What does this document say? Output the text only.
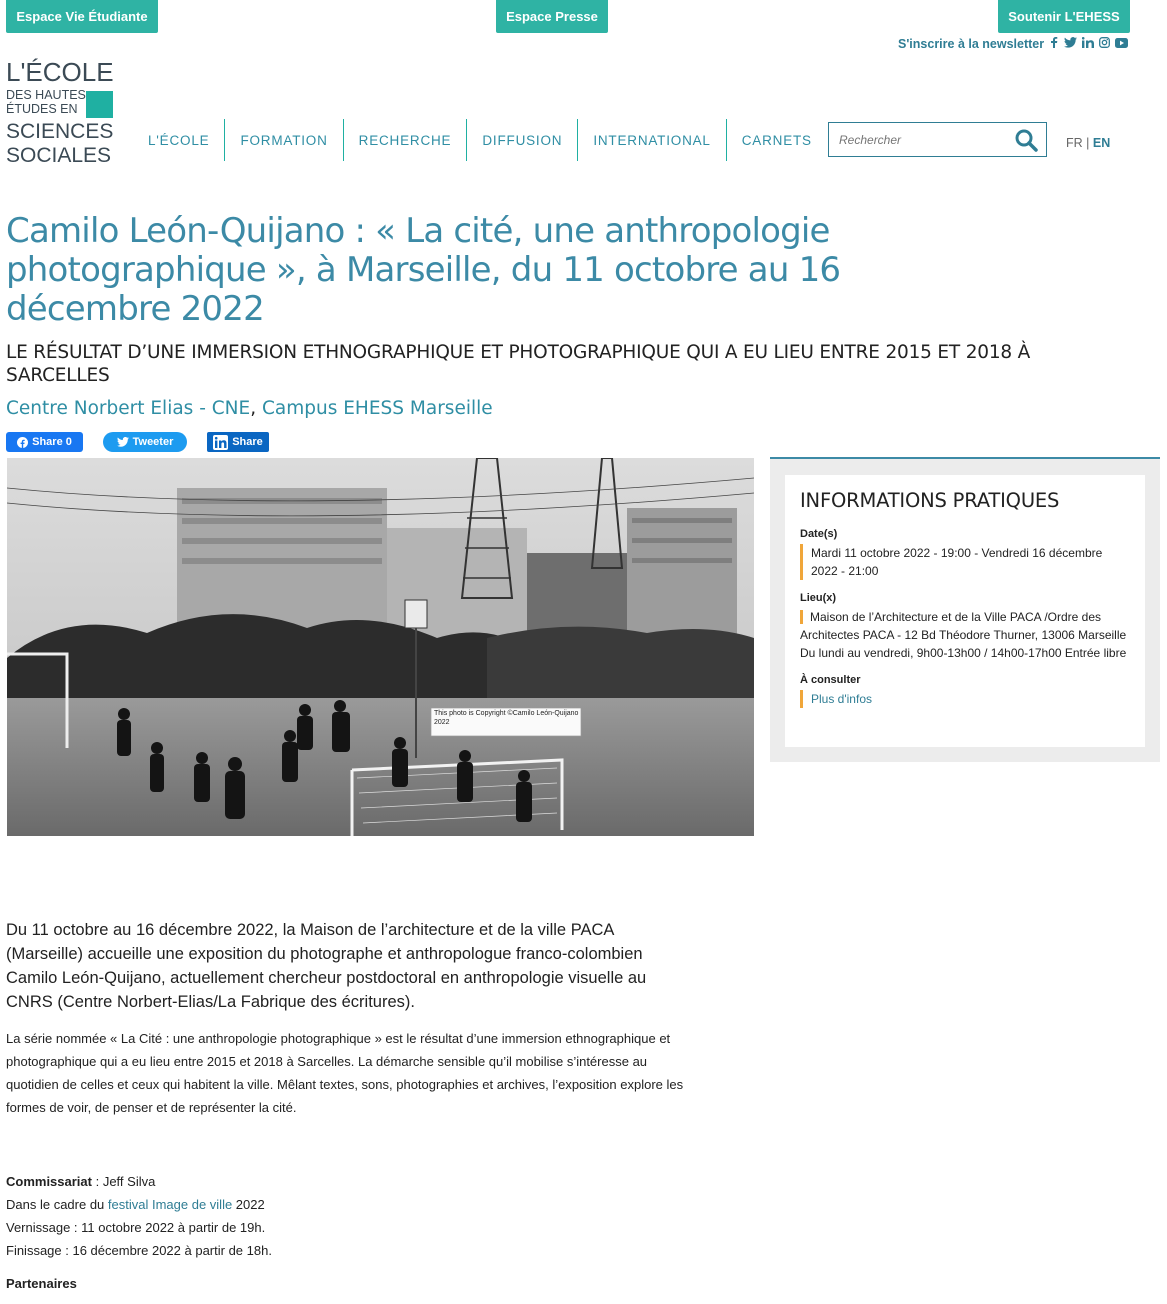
Espace Vie Étudiante	Espace Presse	Soutenir L'EHESS
S'inscrire à la newsletter
L'ÉCOLE
DES HAUTES
ÉTUDES EN
SCIENCES
SOCIALES
L'ÉCOLE	FORMATION	RECHERCHE	DIFFUSION	INTERNATIONAL	CARNETS
Rechercher	FR | EN
Camilo León-Quijano : « La cité, une anthropologie photographique », à Marseille, du 11 octobre au 16 décembre 2022
LE RÉSULTAT D’UNE IMMERSION ETHNOGRAPHIQUE ET PHOTOGRAPHIQUE QUI A EU LIEU ENTRE 2015 ET 2018 À SARCELLES
Centre Norbert Elias - CNE, Campus EHESS Marseille
Share 0	Tweeter	Share
This photo is Copyright ©Camilo León-Quijano 2022
INFORMATIONS PRATIQUES
Date(s)
Mardi 11 octobre 2022 - 19:00 - Vendredi 16 décembre 2022 - 21:00
Lieu(x)
Maison de l’Architecture et de la Ville PACA /Ordre des
Architectes PACA - 12 Bd Théodore Thurner, 13006 Marseille Du lundi au vendredi, 9h00-13h00 / 14h00-17h00 Entrée libre
À consulter
Plus d'infos

Du 11 octobre au 16 décembre 2022, la Maison de l’architecture et de la ville PACA (Marseille) accueille une exposition du photographe et anthropologue franco-colombien Camilo León-Quijano, actuellement chercheur postdoctoral en anthropologie visuelle au CNRS (Centre Norbert-Elias/La Fabrique des écritures).

La série nommée « La Cité : une anthropologie photographique » est le résultat d’une immersion ethnographique et photographique qui a eu lieu entre 2015 et 2018 à Sarcelles. La démarche sensible qu’il mobilise s’intéresse au quotidien de celles et ceux qui habitent la ville. Mêlant textes, sons, photographies et archives, l’exposition explore les formes de voir, de penser et de représenter la cité.

Commissariat : Jeff Silva
Dans le cadre du festival Image de ville 2022
Vernissage : 11 octobre 2022 à partir de 19h.
Finissage : 16 décembre 2022 à partir de 18h.
Partenaires
